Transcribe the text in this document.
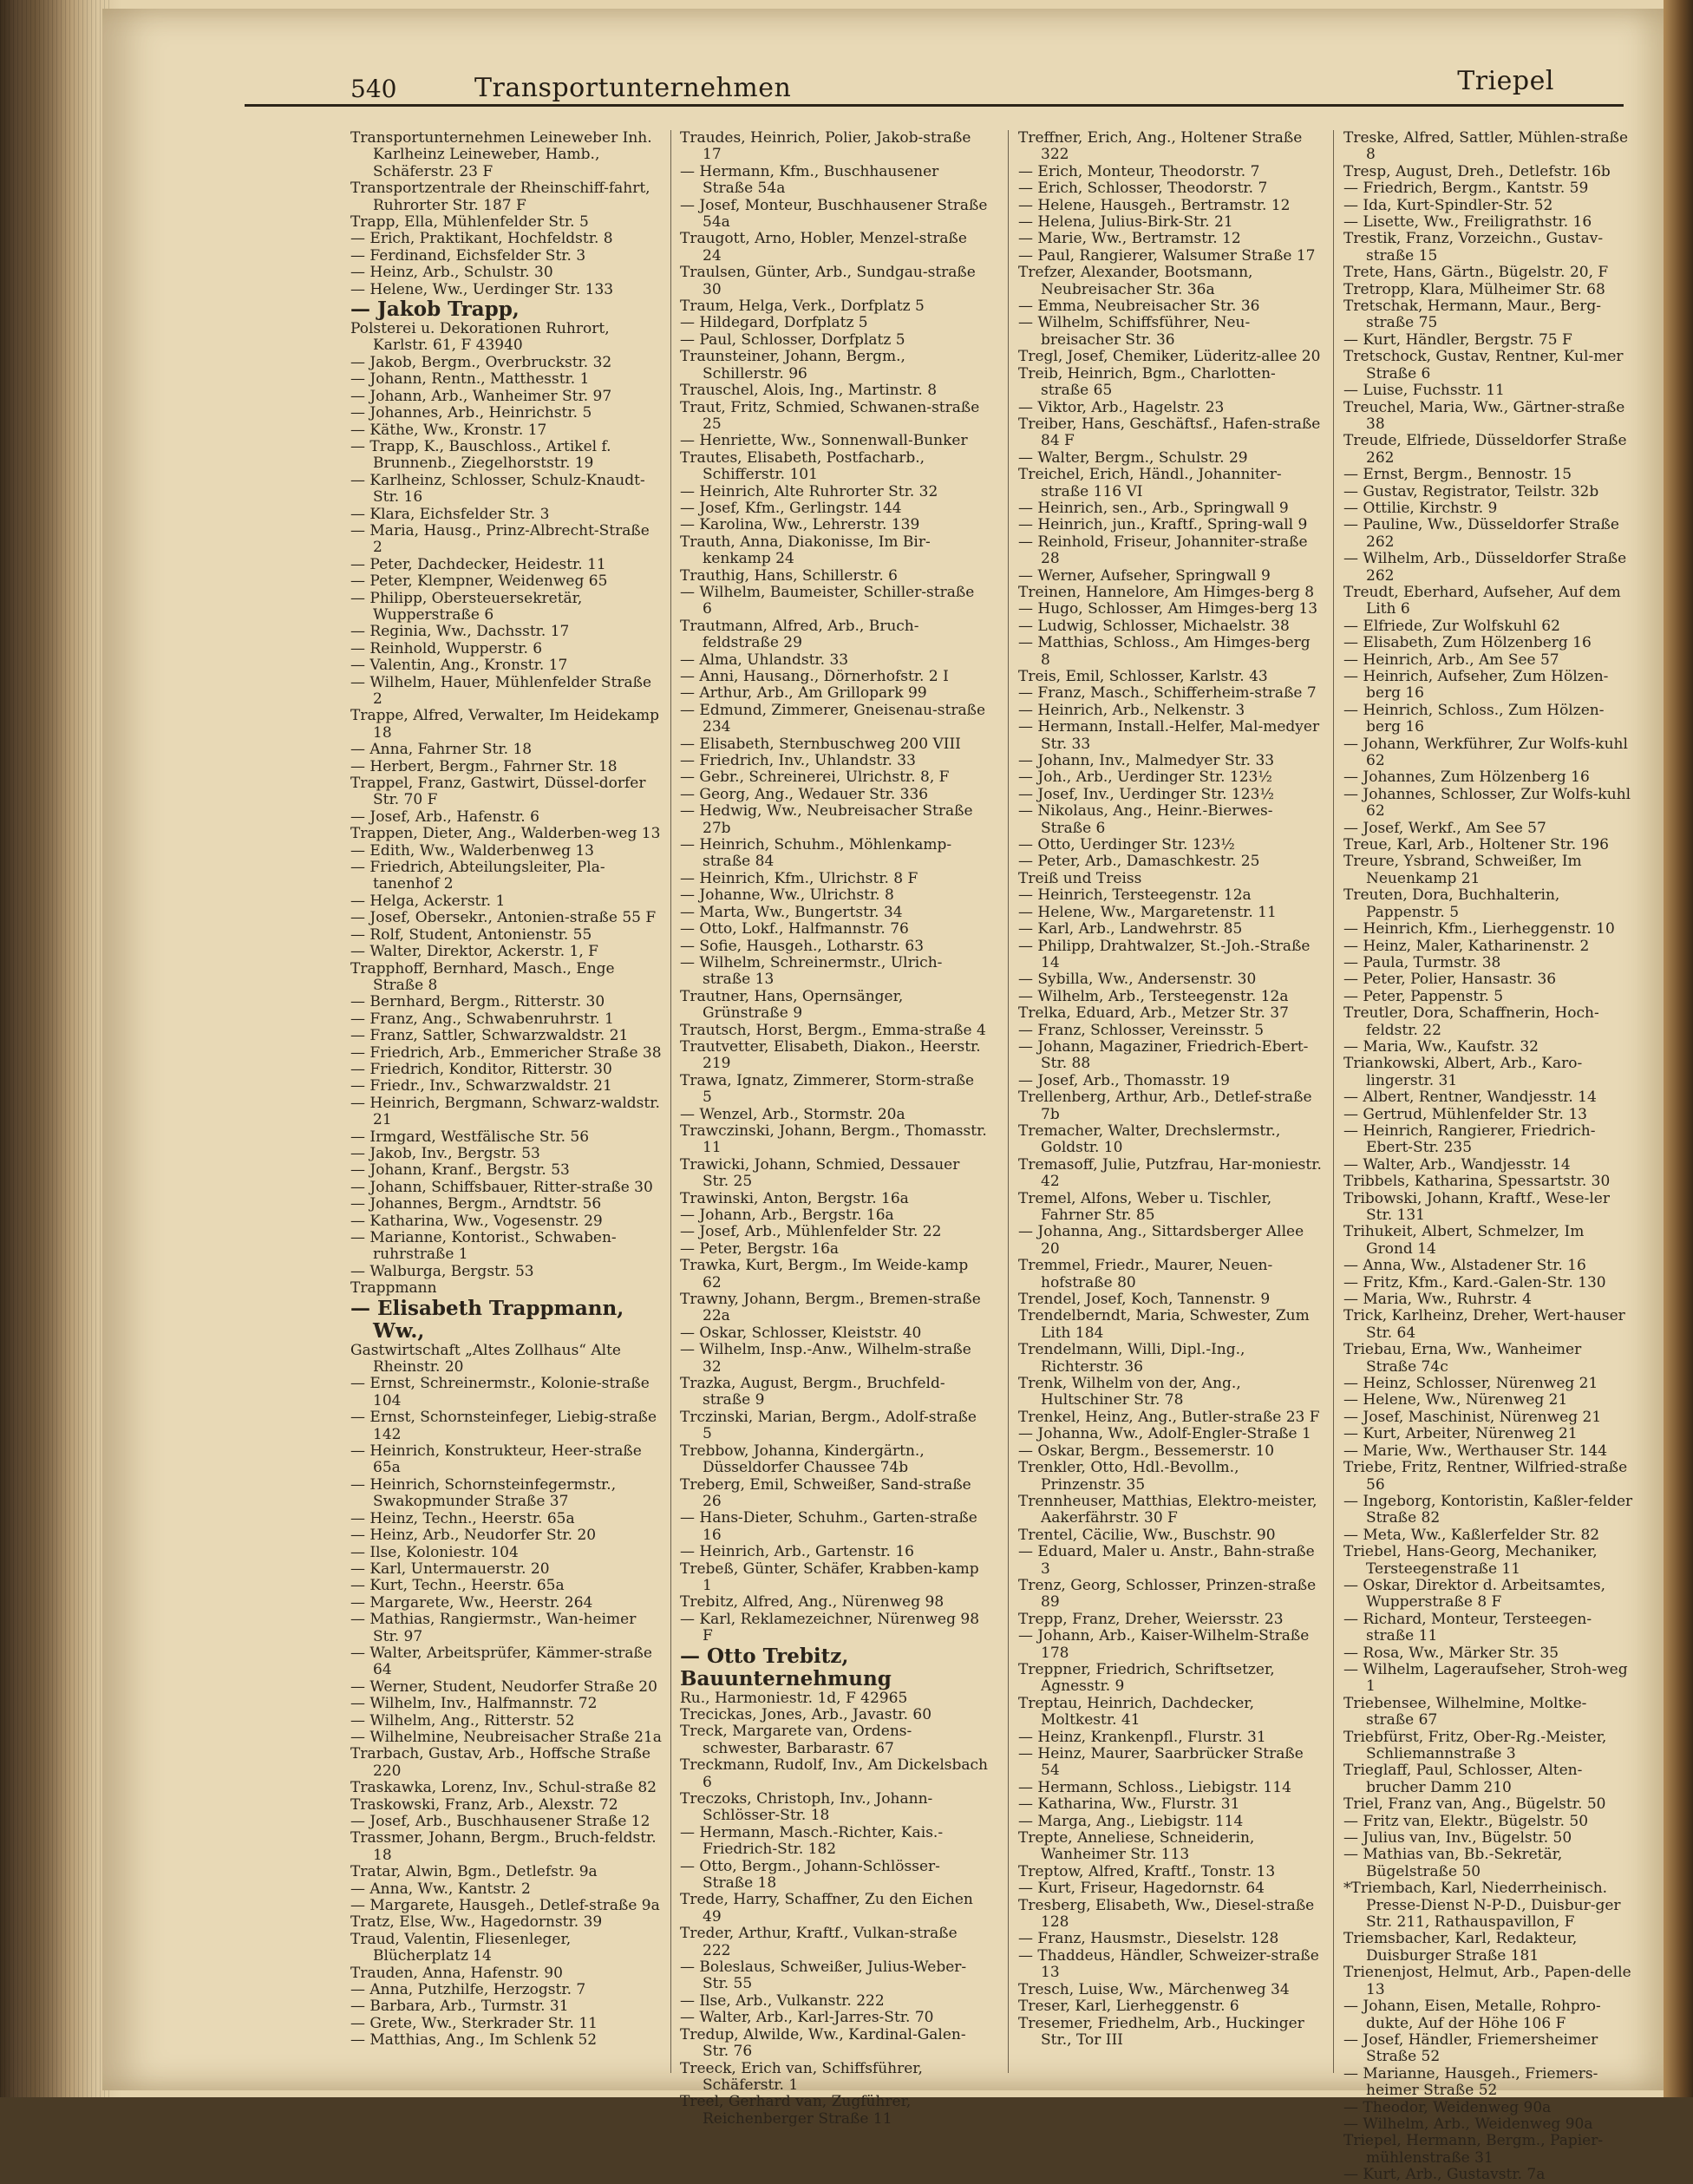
540	Transportunternehmen	Triepel

Transportunternehmen Leineweber Inh. Karlheinz Leineweber, Hamb., Schäferstr. 23 F

Transportzentrale der Rheinschiff-fahrt, Ruhrorter Str. 187 F

Trapp, Ella, Mühlenfelder Str. 5

— Erich, Praktikant, Hochfeldstr. 8

— Ferdinand, Eichsfelder Str. 3

— Heinz, Arb., Schulstr. 30

— Helene, Ww., Uerdinger Str. 133

— Jakob Trapp,

Polsterei u. Dekorationen Ruhrort, Karlstr. 61, F 43940

— Jakob, Bergm., Overbruckstr. 32

— Johann, Rentn., Matthesstr. 1

— Johann, Arb., Wanheimer Str. 97

— Johannes, Arb., Heinrichstr. 5

— Käthe, Ww., Kronstr. 17

— Trapp, K., Bauschloss., Artikel f. Brunnenb., Ziegelhorststr. 19

— Karlheinz, Schlosser, Schulz-Knaudt-Str. 16

— Klara, Eichsfelder Str. 3

— Maria, Hausg., Prinz-Albrecht-Straße 2

— Peter, Dachdecker, Heidestr. 11

— Peter, Klempner, Weidenweg 65

— Philipp, Obersteuersekretär, Wupperstraße 6

— Reginia, Ww., Dachsstr. 17

— Reinhold, Wupperstr. 6

— Valentin, Ang., Kronstr. 17

— Wilhelm, Hauer, Mühlenfelder Straße 2

Trappe, Alfred, Verwalter, Im Heidekamp 18

— Anna, Fahrner Str. 18

— Herbert, Bergm., Fahrner Str. 18

Trappel, Franz, Gastwirt, Düssel-dorfer Str. 70 F

— Josef, Arb., Hafenstr. 6

Trappen, Dieter, Ang., Walderben-weg 13

— Edith, Ww., Walderbenweg 13

— Friedrich, Abteilungsleiter, Pla-tanenhof 2

— Helga, Ackerstr. 1

— Josef, Obersekr., Antonien-straße 55 F

— Rolf, Student, Antonienstr. 55

— Walter, Direktor, Ackerstr. 1, F

Trapphoff, Bernhard, Masch., Enge Straße 8

— Bernhard, Bergm., Ritterstr. 30

— Franz, Ang., Schwabenruhrstr. 1

— Franz, Sattler, Schwarzwaldstr. 21

— Friedrich, Arb., Emmericher Straße 38

— Friedrich, Konditor, Ritterstr. 30

— Friedr., Inv., Schwarzwaldstr. 21

— Heinrich, Bergmann, Schwarz-waldstr. 21

— Irmgard, Westfälische Str. 56

— Jakob, Inv., Bergstr. 53

— Johann, Kranf., Bergstr. 53

— Johann, Schiffsbauer, Ritter-straße 30

— Johannes, Bergm., Arndtstr. 56

— Katharina, Ww., Vogesenstr. 29

— Marianne, Kontorist., Schwaben-ruhrstraße 1

— Walburga, Bergstr. 53

Trappmann

— Elisabeth Trappmann, Ww.,

Gastwirtschaft „Altes Zollhaus“ Alte Rheinstr. 20

— Ernst, Schreinermstr., Kolonie-straße 104

— Ernst, Schornsteinfeger, Liebig-straße 142

— Heinrich, Konstrukteur, Heer-straße 65a

— Heinrich, Schornsteinfegermstr., Swakopmunder Straße 37

— Heinz, Techn., Heerstr. 65a

— Heinz, Arb., Neudorfer Str. 20

— Ilse, Koloniestr. 104

— Karl, Untermauerstr. 20

— Kurt, Techn., Heerstr. 65a

— Margarete, Ww., Heerstr. 264

— Mathias, Rangiermstr., Wan-heimer Str. 97

— Walter, Arbeitsprüfer, Kämmer-straße 64

— Werner, Student, Neudorfer Straße 20

— Wilhelm, Inv., Halfmannstr. 72

— Wilhelm, Ang., Ritterstr. 52

— Wilhelmine, Neubreisacher Straße 21a

Trarbach, Gustav, Arb., Hoffsche Straße 220

Traskawka, Lorenz, Inv., Schul-straße 82

Traskowski, Franz, Arb., Alexstr. 72

— Josef, Arb., Buschhausener Straße 12

Trassmer, Johann, Bergm., Bruch-feldstr. 18

Tratar, Alwin, Bgm., Detlefstr. 9a

— Anna, Ww., Kantstr. 2

— Margarete, Hausgeh., Detlef-straße 9a

Tratz, Else, Ww., Hagedornstr. 39

Traud, Valentin, Fliesenleger, Blücherplatz 14

Trauden, Anna, Hafenstr. 90

— Anna, Putzhilfe, Herzogstr. 7

— Barbara, Arb., Turmstr. 31

— Grete, Ww., Sterkrader Str. 11

— Matthias, Ang., Im Schlenk 52

Traudes, Heinrich, Polier, Jakob-straße 17

— Hermann, Kfm., Buschhausener Straße 54a

— Josef, Monteur, Buschhausener Straße 54a

Traugott, Arno, Hobler, Menzel-straße 24

Traulsen, Günter, Arb., Sundgau-straße 30

Traum, Helga, Verk., Dorfplatz 5

— Hildegard, Dorfplatz 5

— Paul, Schlosser, Dorfplatz 5

Traunsteiner, Johann, Bergm., Schillerstr. 96

Trauschel, Alois, Ing., Martinstr. 8

Traut, Fritz, Schmied, Schwanen-straße 25

— Henriette, Ww., Sonnenwall-Bunker

Trautes, Elisabeth, Postfacharb., Schifferstr. 101

— Heinrich, Alte Ruhrorter Str. 32

— Josef, Kfm., Gerlingstr. 144

— Karolina, Ww., Lehrerstr. 139

Trauth, Anna, Diakonisse, Im Bir-kenkamp 24

Trauthig, Hans, Schillerstr. 6

— Wilhelm, Baumeister, Schiller-straße 6

Trautmann, Alfred, Arb., Bruch-feldstraße 29

— Alma, Uhlandstr. 33

— Anni, Hausang., Dörnerhofstr. 2 I

— Arthur, Arb., Am Grillopark 99

— Edmund, Zimmerer, Gneisenau-straße 234

— Elisabeth, Sternbuschweg 200 VIII

— Friedrich, Inv., Uhlandstr. 33

— Gebr., Schreinerei, Ulrichstr. 8, F

— Georg, Ang., Wedauer Str. 336

— Hedwig, Ww., Neubreisacher Straße 27b

— Heinrich, Schuhm., Möhlenkamp-straße 84

— Heinrich, Kfm., Ulrichstr. 8 F

— Johanne, Ww., Ulrichstr. 8

— Marta, Ww., Bungertstr. 34

— Otto, Lokf., Halfmannstr. 76

— Sofie, Hausgeh., Lotharstr. 63

— Wilhelm, Schreinermstr., Ulrich-straße 13

Trautner, Hans, Opernsänger, Grünstraße 9

Trautsch, Horst, Bergm., Emma-straße 4

Trautvetter, Elisabeth, Diakon., Heerstr. 219

Trawa, Ignatz, Zimmerer, Storm-straße 5

— Wenzel, Arb., Stormstr. 20a

Trawczinski, Johann, Bergm., Thomasstr. 11

Trawicki, Johann, Schmied, Dessauer Str. 25

Trawinski, Anton, Bergstr. 16a

— Johann, Arb., Bergstr. 16a

— Josef, Arb., Mühlenfelder Str. 22

— Peter, Bergstr. 16a

Trawka, Kurt, Bergm., Im Weide-kamp 62

Trawny, Johann, Bergm., Bremen-straße 22a

— Oskar, Schlosser, Kleiststr. 40

— Wilhelm, Insp.-Anw., Wilhelm-straße 32

Trazka, August, Bergm., Bruchfeld-straße 9

Trczinski, Marian, Bergm., Adolf-straße 5

Trebbow, Johanna, Kindergärtn., Düsseldorfer Chaussee 74b

Treberg, Emil, Schweißer, Sand-straße 26

— Hans-Dieter, Schuhm., Garten-straße 16

— Heinrich, Arb., Gartenstr. 16

Trebeß, Günter, Schäfer, Krabben-kamp 1

Trebitz, Alfred, Ang., Nürenweg 98

— Karl, Reklamezeichner, Nürenweg 98 F

— Otto Trebitz,

Bauunternehmung

Ru., Harmoniestr. 1d, F 42965

Trecickas, Jones, Arb., Javastr. 60

Treck, Margarete van, Ordens-schwester, Barbarastr. 67

Treckmann, Rudolf, Inv., Am Dickelsbach 6

Treczoks, Christoph, Inv., Johann-Schlösser-Str. 18

— Hermann, Masch.-Richter, Kais.-Friedrich-Str. 182

— Otto, Bergm., Johann-Schlösser-Straße 18

Trede, Harry, Schaffner, Zu den Eichen 49

Treder, Arthur, Kraftf., Vulkan-straße 222

— Boleslaus, Schweißer, Julius-Weber-Str. 55

— Ilse, Arb., Vulkanstr. 222

— Walter, Arb., Karl-Jarres-Str. 70

Tredup, Alwilde, Ww., Kardinal-Galen-Str. 76

Treeck, Erich van, Schiffsführer, Schäferstr. 1

Treel, Gerhard van, Zugführer, Reichenberger Straße 11

Treffner, Erich, Ang., Holtener Straße 322

— Erich, Monteur, Theodorstr. 7

— Erich, Schlosser, Theodorstr. 7

— Helene, Hausgeh., Bertramstr. 12

— Helena, Julius-Birk-Str. 21

— Marie, Ww., Bertramstr. 12

— Paul, Rangierer, Walsumer Straße 17

Trefzer, Alexander, Bootsmann, Neubreisacher Str. 36a

— Emma, Neubreisacher Str. 36

— Wilhelm, Schiffsführer, Neu-breisacher Str. 36

Tregl, Josef, Chemiker, Lüderitz-allee 20

Treib, Heinrich, Bgm., Charlotten-straße 65

— Viktor, Arb., Hagelstr. 23

Treiber, Hans, Geschäftsf., Hafen-straße 84 F

— Walter, Bergm., Schulstr. 29

Treichel, Erich, Händl., Johanniter-straße 116 VI

— Heinrich, sen., Arb., Springwall 9

— Heinrich, jun., Kraftf., Spring-wall 9

— Reinhold, Friseur, Johanniter-straße 28

— Werner, Aufseher, Springwall 9

Treinen, Hannelore, Am Himges-berg 8

— Hugo, Schlosser, Am Himges-berg 13

— Ludwig, Schlosser, Michaelstr. 38

— Matthias, Schloss., Am Himges-berg 8

Treis, Emil, Schlosser, Karlstr. 43

— Franz, Masch., Schifferheim-straße 7

— Heinrich, Arb., Nelkenstr. 3

— Hermann, Install.-Helfer, Mal-medyer Str. 33

— Johann, Inv., Malmedyer Str. 33

— Joh., Arb., Uerdinger Str. 123½

— Josef, Inv., Uerdinger Str. 123½

— Nikolaus, Ang., Heinr.-Bierwes-Straße 6

— Otto, Uerdinger Str. 123½

— Peter, Arb., Damaschkestr. 25

Treiß und Treiss

— Heinrich, Tersteegenstr. 12a

— Helene, Ww., Margaretenstr. 11

— Karl, Arb., Landwehrstr. 85

— Philipp, Drahtwalzer, St.-Joh.-Straße 14

— Sybilla, Ww., Andersenstr. 30

— Wilhelm, Arb., Tersteegenstr. 12a

Trelka, Eduard, Arb., Metzer Str. 37

— Franz, Schlosser, Vereinsstr. 5

— Johann, Magaziner, Friedrich-Ebert-Str. 88

— Josef, Arb., Thomasstr. 19

Trellenberg, Arthur, Arb., Detlef-straße 7b

Tremacher, Walter, Drechslermstr., Goldstr. 10

Tremasoff, Julie, Putzfrau, Har-moniestr. 42

Tremel, Alfons, Weber u. Tischler, Fahrner Str. 85

— Johanna, Ang., Sittardsberger Allee 20

Tremmel, Friedr., Maurer, Neuen-hofstraße 80

Trendel, Josef, Koch, Tannenstr. 9

Trendelberndt, Maria, Schwester, Zum Lith 184

Trendelmann, Willi, Dipl.-Ing., Richterstr. 36

Trenk, Wilhelm von der, Ang., Hultschiner Str. 78

Trenkel, Heinz, Ang., Butler-straße 23 F

— Johanna, Ww., Adolf-Engler-Straße 1

— Oskar, Bergm., Bessemerstr. 10

Trenkler, Otto, Hdl.-Bevollm., Prinzenstr. 35

Trennheuser, Matthias, Elektro-meister, Aakerfährstr. 30 F

Trentel, Cäcilie, Ww., Buschstr. 90

— Eduard, Maler u. Anstr., Bahn-straße 3

Trenz, Georg, Schlosser, Prinzen-straße 89

Trepp, Franz, Dreher, Weiersstr. 23

— Johann, Arb., Kaiser-Wilhelm-Straße 178

Treppner, Friedrich, Schriftsetzer, Agnesstr. 9

Treptau, Heinrich, Dachdecker, Moltkestr. 41

— Heinz, Krankenpfl., Flurstr. 31

— Heinz, Maurer, Saarbrücker Straße 54

— Hermann, Schloss., Liebigstr. 114

— Katharina, Ww., Flurstr. 31

— Marga, Ang., Liebigstr. 114

Trepte, Anneliese, Schneiderin, Wanheimer Str. 113

Treptow, Alfred, Kraftf., Tonstr. 13

— Kurt, Friseur, Hagedornstr. 64

Tresberg, Elisabeth, Ww., Diesel-straße 128

— Franz, Hausmstr., Dieselstr. 128

— Thaddeus, Händler, Schweizer-straße 13

Tresch, Luise, Ww., Märchenweg 34

Treser, Karl, Lierheggenstr. 6

Tresemer, Friedhelm, Arb., Huckinger Str., Tor III

Treske, Alfred, Sattler, Mühlen-straße 8

Tresp, August, Dreh., Detlefstr. 16b

— Friedrich, Bergm., Kantstr. 59

— Ida, Kurt-Spindler-Str. 52

— Lisette, Ww., Freiligrathstr. 16

Trestik, Franz, Vorzeichn., Gustav-straße 15

Trete, Hans, Gärtn., Bügelstr. 20, F

Tretropp, Klara, Mülheimer Str. 68

Tretschak, Hermann, Maur., Berg-straße 75

— Kurt, Händler, Bergstr. 75 F

Tretschock, Gustav, Rentner, Kul-mer Straße 6

— Luise, Fuchsstr. 11

Treuchel, Maria, Ww., Gärtner-straße 38

Treude, Elfriede, Düsseldorfer Straße 262

— Ernst, Bergm., Bennostr. 15

— Gustav, Registrator, Teilstr. 32b

— Ottilie, Kirchstr. 9

— Pauline, Ww., Düsseldorfer Straße 262

— Wilhelm, Arb., Düsseldorfer Straße 262

Treudt, Eberhard, Aufseher, Auf dem Lith 6

— Elfriede, Zur Wolfskuhl 62

— Elisabeth, Zum Hölzenberg 16

— Heinrich, Arb., Am See 57

— Heinrich, Aufseher, Zum Hölzen-berg 16

— Heinrich, Schloss., Zum Hölzen-berg 16

— Johann, Werkführer, Zur Wolfs-kuhl 62

— Johannes, Zum Hölzenberg 16

— Johannes, Schlosser, Zur Wolfs-kuhl 62

— Josef, Werkf., Am See 57

Treue, Karl, Arb., Holtener Str. 196

Treure, Ysbrand, Schweißer, Im Neuenkamp 21

Treuten, Dora, Buchhalterin, Pappenstr. 5

— Heinrich, Kfm., Lierheggenstr. 10

— Heinz, Maler, Katharinenstr. 2

— Paula, Turmstr. 38

— Peter, Polier, Hansastr. 36

— Peter, Pappenstr. 5

Treutler, Dora, Schaffnerin, Hoch-feldstr. 22

— Maria, Ww., Kaufstr. 32

Triankowski, Albert, Arb., Karo-lingerstr. 31

— Albert, Rentner, Wandjesstr. 14

— Gertrud, Mühlenfelder Str. 13

— Heinrich, Rangierer, Friedrich-Ebert-Str. 235

— Walter, Arb., Wandjesstr. 14

Tribbels, Katharina, Spessartstr. 30

Tribowski, Johann, Kraftf., Wese-ler Str. 131

Trihukeit, Albert, Schmelzer, Im Grond 14

— Anna, Ww., Alstadener Str. 16

— Fritz, Kfm., Kard.-Galen-Str. 130

— Maria, Ww., Ruhrstr. 4

Trick, Karlheinz, Dreher, Wert-hauser Str. 64

Triebau, Erna, Ww., Wanheimer Straße 74c

— Heinz, Schlosser, Nürenweg 21

— Helene, Ww., Nürenweg 21

— Josef, Maschinist, Nürenweg 21

— Kurt, Arbeiter, Nürenweg 21

— Marie, Ww., Werthauser Str. 144

Triebe, Fritz, Rentner, Wilfried-straße 56

— Ingeborg, Kontoristin, Kaßler-felder Straße 82

— Meta, Ww., Kaßlerfelder Str. 82

Triebel, Hans-Georg, Mechaniker, Tersteegenstraße 11

— Oskar, Direktor d. Arbeitsamtes, Wupperstraße 8 F

— Richard, Monteur, Tersteegen-straße 11

— Rosa, Ww., Märker Str. 35

— Wilhelm, Lageraufseher, Stroh-weg 1

Triebensee, Wilhelmine, Moltke-straße 67

Triebfürst, Fritz, Ober-Rg.-Meister, Schliemannstraße 3

Trieglaff, Paul, Schlosser, Alten-brucher Damm 210

Triel, Franz van, Ang., Bügelstr. 50

— Fritz van, Elektr., Bügelstr. 50

— Julius van, Inv., Bügelstr. 50

— Mathias van, Bb.-Sekretär, Bügelstraße 50

*Triembach, Karl, Niederrheinisch. Presse-Dienst N-P-D., Duisbur-ger Str. 211, Rathauspavillon, F

Triemsbacher, Karl, Redakteur, Duisburger Straße 181

Trienenjost, Helmut, Arb., Papen-delle 13

— Johann, Eisen, Metalle, Rohpro-dukte, Auf der Höhe 106 F

— Josef, Händler, Friemersheimer Straße 52

— Marianne, Hausgeh., Friemers-heimer Straße 52

— Theodor, Weidenweg 90a

— Wilhelm, Arb., Weidenweg 90a

Triepel, Hermann, Bergm., Papier-mühlenstraße 31

— Kurt, Arb., Gustavstr. 7a
